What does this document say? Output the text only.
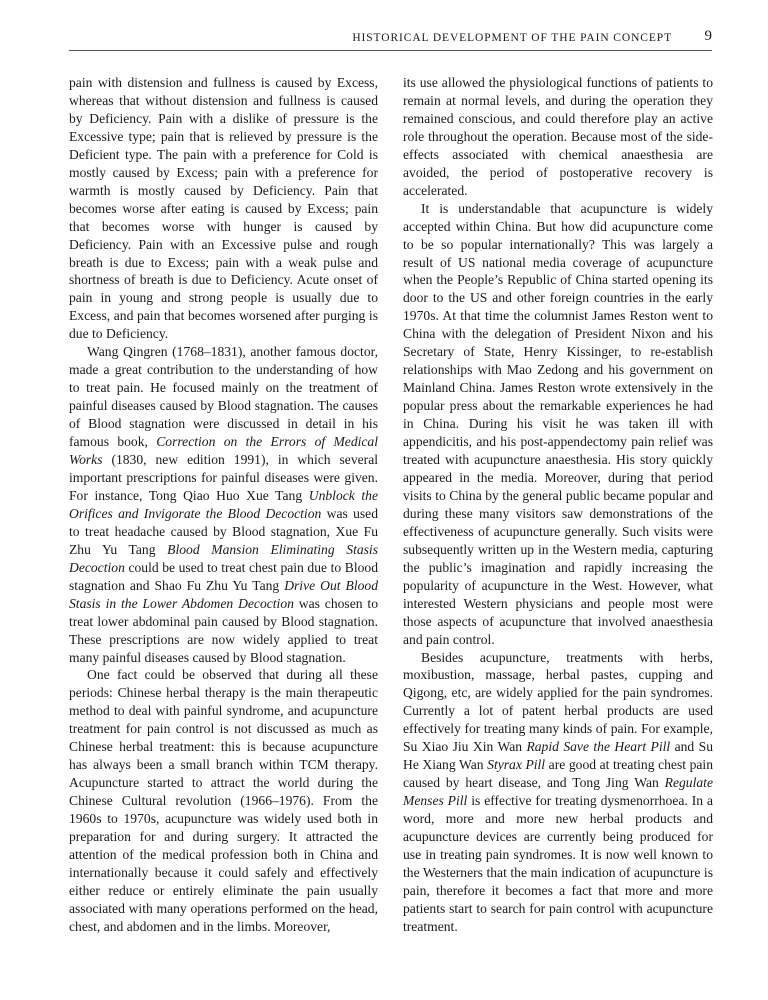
HISTORICAL DEVELOPMENT OF THE PAIN CONCEPT 9

pain with distension and fullness is caused by Excess, whereas that without distension and fullness is caused by Deficiency. Pain with a dislike of pressure is the Excessive type; pain that is relieved by pressure is the Deficient type. The pain with a preference for Cold is mostly caused by Excess; pain with a preference for warmth is mostly caused by Deficiency. Pain that becomes worse after eating is caused by Excess; pain that becomes worse with hunger is caused by Deficiency. Pain with an Excessive pulse and rough breath is due to Excess; pain with a weak pulse and shortness of breath is due to Deficiency. Acute onset of pain in young and strong people is usually due to Excess, and pain that becomes worsened after purging is due to Deficiency.

Wang Qingren (1768–1831), another famous doctor, made a great contribution to the understanding of how to treat pain. He focused mainly on the treatment of painful diseases caused by Blood stagnation. The causes of Blood stagnation were discussed in detail in his famous book, Correction on the Errors of Medical Works (1830, new edition 1991), in which several important prescriptions for painful diseases were given. For instance, Tong Qiao Huo Xue Tang Unblock the Orifices and Invigorate the Blood Decoction was used to treat headache caused by Blood stagnation, Xue Fu Zhu Yu Tang Blood Mansion Eliminating Stasis Decoction could be used to treat chest pain due to Blood stagnation and Shao Fu Zhu Yu Tang Drive Out Blood Stasis in the Lower Abdomen Decoction was chosen to treat lower abdominal pain caused by Blood stagnation. These prescriptions are now widely applied to treat many painful diseases caused by Blood stagnation.

One fact could be observed that during all these periods: Chinese herbal therapy is the main therapeutic method to deal with painful syndrome, and acupuncture treatment for pain control is not discussed as much as Chinese herbal treatment: this is because acupuncture has always been a small branch within TCM therapy. Acupuncture started to attract the world during the Chinese Cultural revolution (1966–1976). From the 1960s to 1970s, acupuncture was widely used both in preparation for and during surgery. It attracted the attention of the medical profession both in China and internationally because it could safely and effectively either reduce or entirely eliminate the pain usually associated with many operations performed on the head, chest, and abdomen and in the limbs. Moreover,

its use allowed the physiological functions of patients to remain at normal levels, and during the operation they remained conscious, and could therefore play an active role throughout the operation. Because most of the side-effects associated with chemical anaesthesia are avoided, the period of postoperative recovery is accelerated.

It is understandable that acupuncture is widely accepted within China. But how did acupuncture come to be so popular internationally? This was largely a result of US national media coverage of acupuncture when the People’s Republic of China started opening its door to the US and other foreign countries in the early 1970s. At that time the columnist James Reston went to China with the delegation of President Nixon and his Secretary of State, Henry Kissinger, to re-establish relationships with Mao Zedong and his government on Mainland China. James Reston wrote extensively in the popular press about the remarkable experiences he had in China. During his visit he was taken ill with appendicitis, and his post-appendectomy pain relief was treated with acupuncture anaesthesia. His story quickly appeared in the media. Moreover, during that period visits to China by the general public became popular and during these many visitors saw demonstrations of the effectiveness of acupuncture generally. Such visits were subsequently written up in the Western media, capturing the public’s imagination and rapidly increasing the popularity of acupuncture in the West. However, what interested Western physicians and people most were those aspects of acupuncture that involved anaesthesia and pain control.

Besides acupuncture, treatments with herbs, moxibustion, massage, herbal pastes, cupping and Qigong, etc, are widely applied for the pain syndromes. Currently a lot of patent herbal products are used effectively for treating many kinds of pain. For example, Su Xiao Jiu Xin Wan Rapid Save the Heart Pill and Su He Xiang Wan Styrax Pill are good at treating chest pain caused by heart disease, and Tong Jing Wan Regulate Menses Pill is effective for treating dysmenorrhoea. In a word, more and more new herbal products and acupuncture devices are currently being produced for use in treating pain syndromes. It is now well known to the Westerners that the main indication of acupuncture is pain, therefore it becomes a fact that more and more patients start to search for pain control with acupuncture treatment.
